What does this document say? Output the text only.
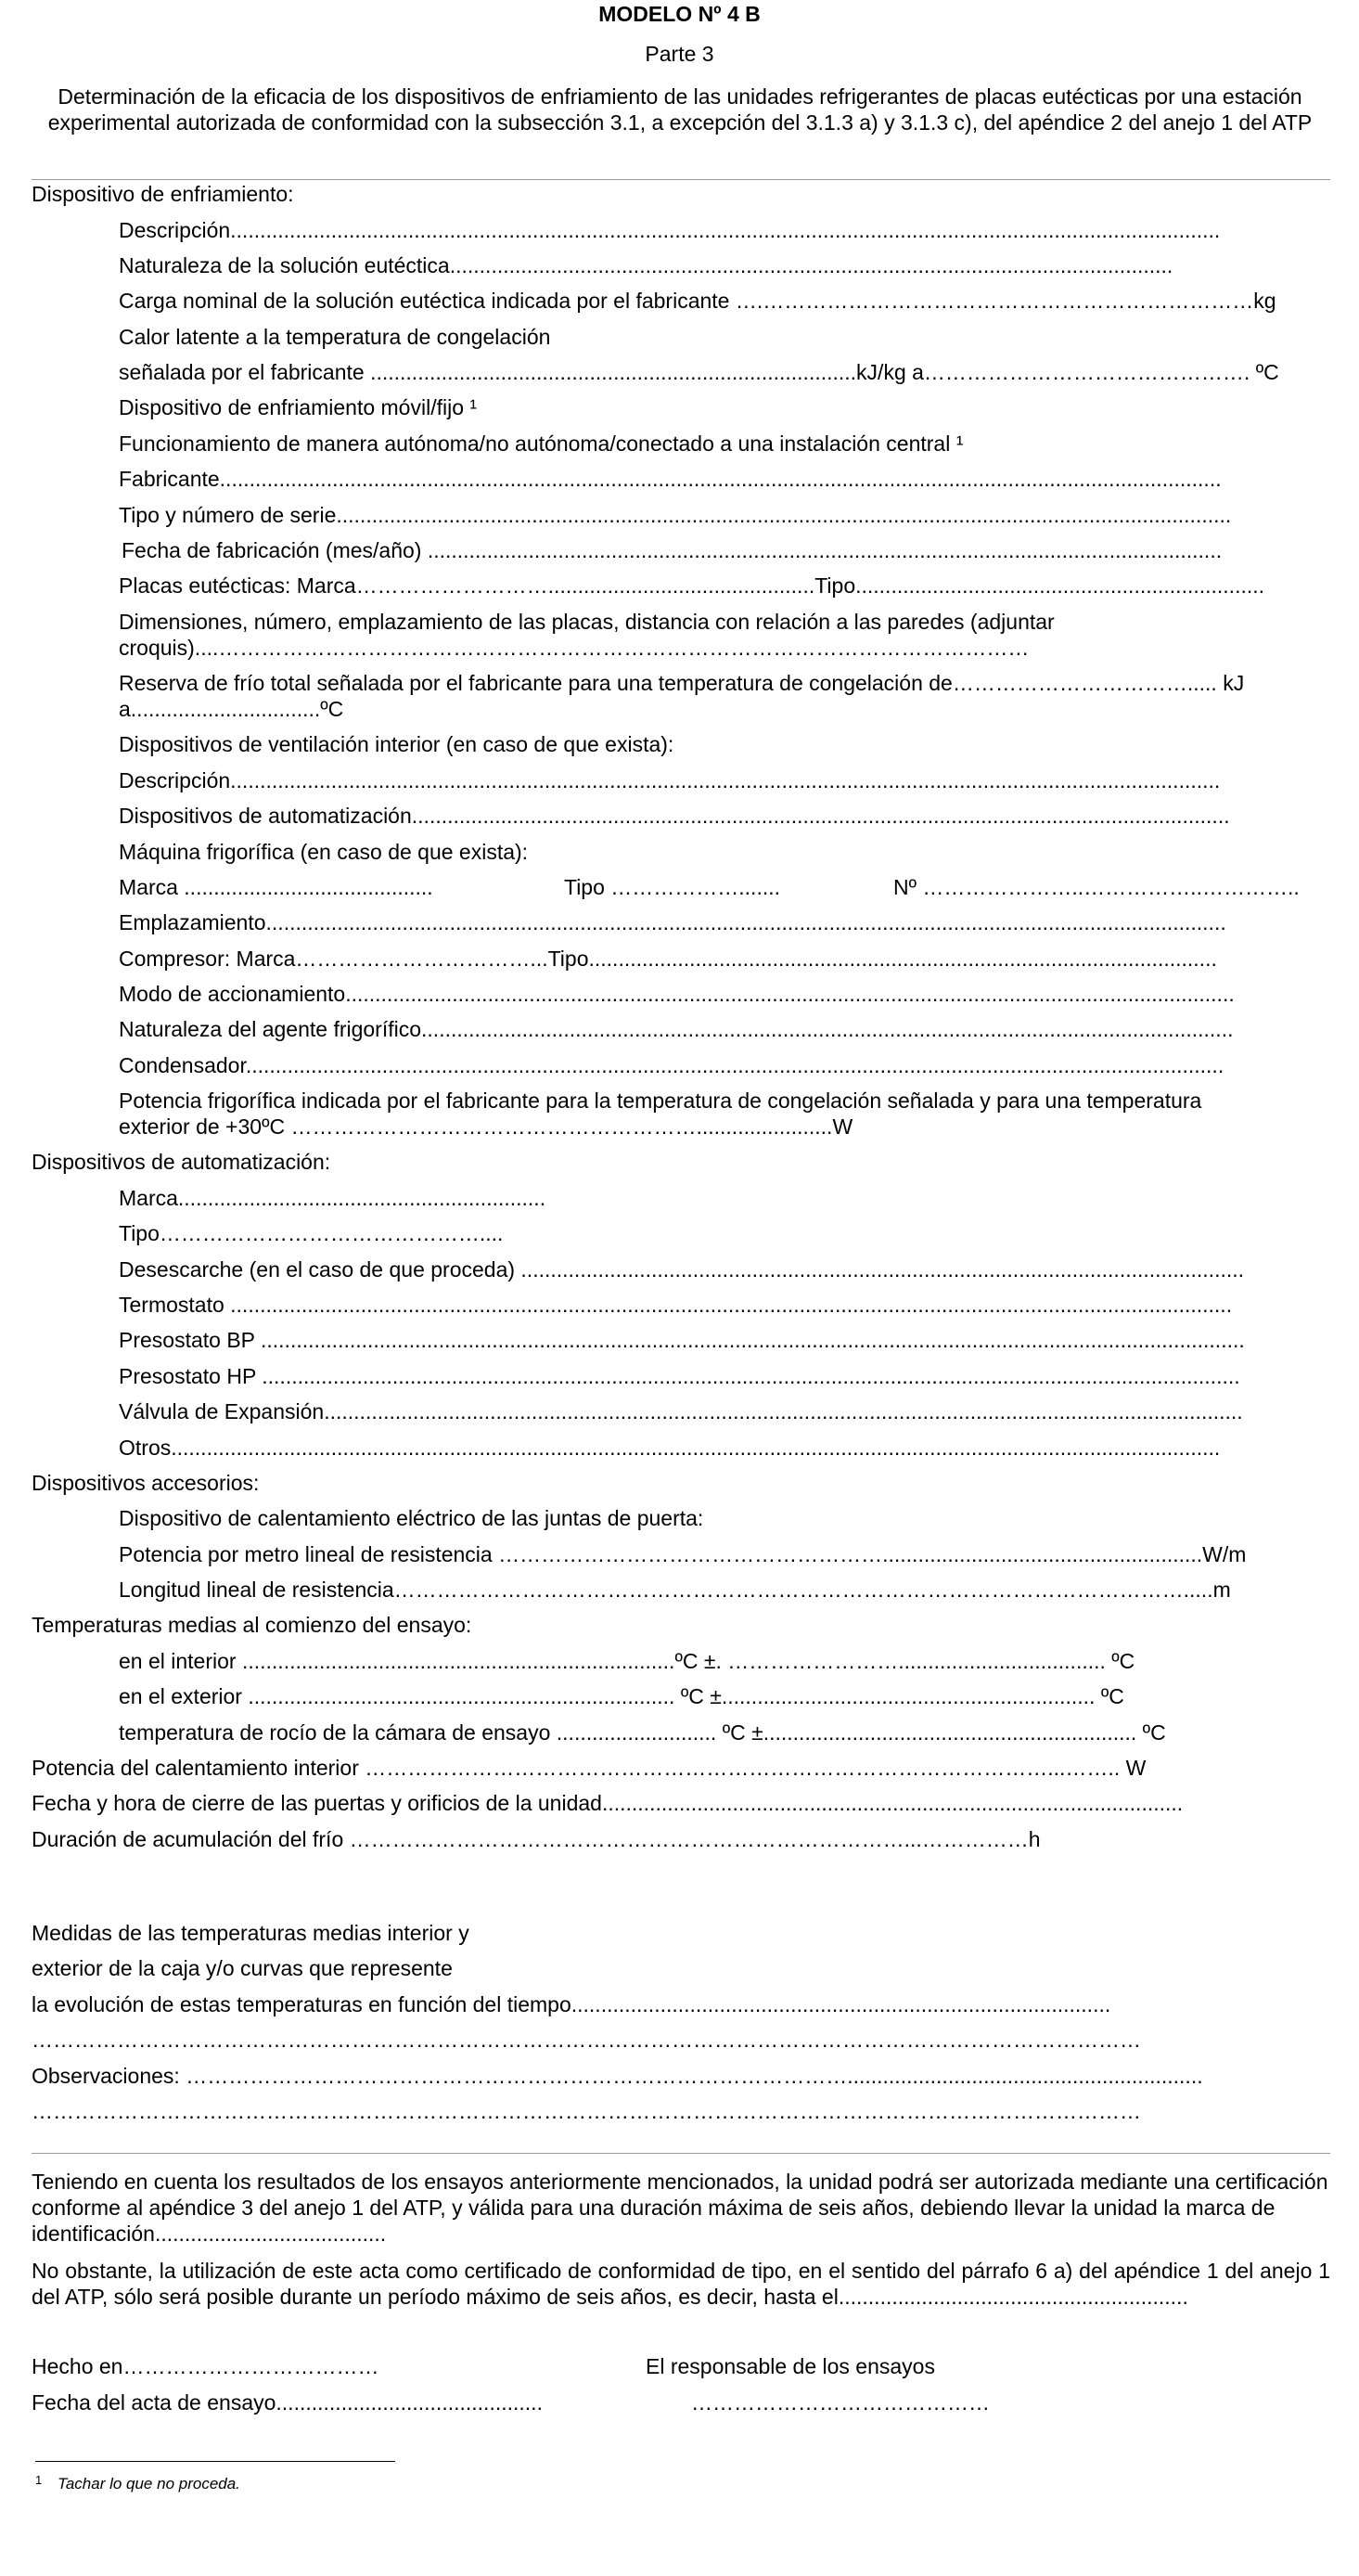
MODELO Nº 4 B
Parte 3
Determinación de la eficacia de los dispositivos de enfriamiento de las unidades refrigerantes de placas eutécticas por una estación experimental autorizada de conformidad con la subsección 3.1, a excepción del 3.1.3 a) y 3.1.3 c), del apéndice 2 del anejo 1 del ATP
Dispositivo de enfriamiento:
Descripción.......................................................................................................................................................................
Naturaleza de la solución eutéctica..........................................................................................................................
Carga nominal de la solución eutéctica indicada por el fabricante ….……………………………………………………………kg
Calor latente a la temperatura de congelación
señalada por el fabricante ..................................................................................kJ/kg a………………………………………. ºC
Dispositivo de enfriamiento móvil/fijo ¹
Funcionamiento de manera autónoma/no autónoma/conectado a una instalación central ¹
Fabricante.........................................................................................................................................................................
Tipo y número de serie.......................................................................................................................................................
Fecha de fabricación (mes/año) ......................................................................................................................................
Placas eutécticas: Marca……………………….............................................Tipo.....................................................................
Dimensiones, número, emplazamiento de las placas, distancia con relación a las paredes (adjuntar
croquis)....……………………………………………………………………………………………………
Reserva de frío total señalada por el fabricante para una temperatura de congelación de……………………………..... kJ
a................................ºC
Dispositivos de ventilación interior (en caso de que exista):
Descripción.......................................................................................................................................................................
Dispositivos de automatización..........................................................................................................................................
Máquina frigorífica (en caso de que exista):
Marca ..........................................	Tipo ……………….......	Nº …………………..……………..…………..
Emplazamiento..................................................................................................................................................................
Compresor: Marca……………………………...Tipo..........................................................................................................
Modo de accionamiento......................................................................................................................................................
Naturaleza del agente frigorífico.........................................................................................................................................
Condensador.....................................................................................................................................................................
Potencia frigorífica indicada por el fabricante para la temperatura de congelación señalada y para una temperatura
exterior de +30ºC ………………………………………………….......................W
Dispositivos de automatización:
Marca..............................................................
Tipo………………………………………....
Desescarche (en el caso de que proceda) ..........................................................................................................................
Termostato .........................................................................................................................................................................
Presostato BP ......................................................................................................................................................................
Presostato HP .....................................................................................................................................................................
Válvula de Expansión...........................................................................................................................................................
Otros.................................................................................................................................................................................
Dispositivos accesorios:
Dispositivo de calentamiento eléctrico de las juntas de puerta:
Potencia por metro lineal de resistencia ………………………………………………......................................................W/m
Longitud lineal de resistencia………………………………………………………………………………………………….....m
Temperaturas medias al comienzo del ensayo:
en el interior .........................................................................ºC ±. ……………………................................... ºC
en el exterior ........................................................................ ºC ±............................................................... ºC
temperatura de rocío de la cámara de ensayo ........................... ºC ±............................................................... ºC
Potencia del calentamiento interior ……………………………………………………………………………………...…….. W
Fecha y hora de cierre de las puertas y orificios de la unidad..................................................................................................
Duración de acumulación del frío ……………………………………………………………………...……………h
Medidas de las temperaturas medias interior y
exterior de la caja y/o curvas que represente
la evolución de estas temperaturas en función del tiempo...........................................................................................
…………………………………………………………………………………………………………………………………………
Observaciones: …………………………………………………………………………………............................................................
…………………………………………………………………………………………………………………………………………
Teniendo en cuenta los resultados de los ensayos anteriormente mencionados, la unidad podrá ser autorizada mediante una certificación conforme al apéndice 3 del anejo 1 del ATP, y válida para una duración máxima de seis años, debiendo llevar la unidad la marca de identificación.......................................
No obstante, la utilización de este acta como certificado de conformidad de tipo, en el sentido del párrafo 6 a) del apéndice 1 del anejo 1 del ATP, sólo será posible durante un período máximo de seis años, es decir, hasta el...........................................................
Hecho en………………………………
Fecha del acta de ensayo.............................................
El responsable de los ensayos
……………………………………
1 Tachar lo que no proceda.
